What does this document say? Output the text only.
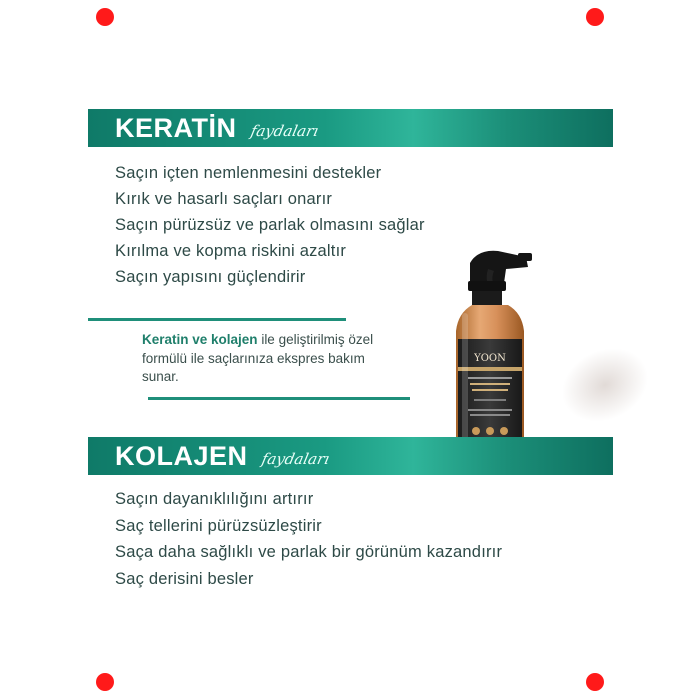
KERATİN faydaları
Saçın içten nemlenmesini destekler
Kırık ve hasarlı saçları onarır
Saçın pürüzsüz ve parlak olmasını sağlar
Kırılma ve kopma riskini azaltır
Saçın yapısını güçlendirir
Keratin ve kolajen ile geliştirilmiş özel formülü ile saçlarınıza ekspres bakım sunar.
YOON
KOLAJEN faydaları
Saçın dayanıklılığını artırır
Saç tellerini pürüzsüzleştirir
Saça daha sağlıklı ve parlak bir görünüm kazandırır
Saç derisini besler
